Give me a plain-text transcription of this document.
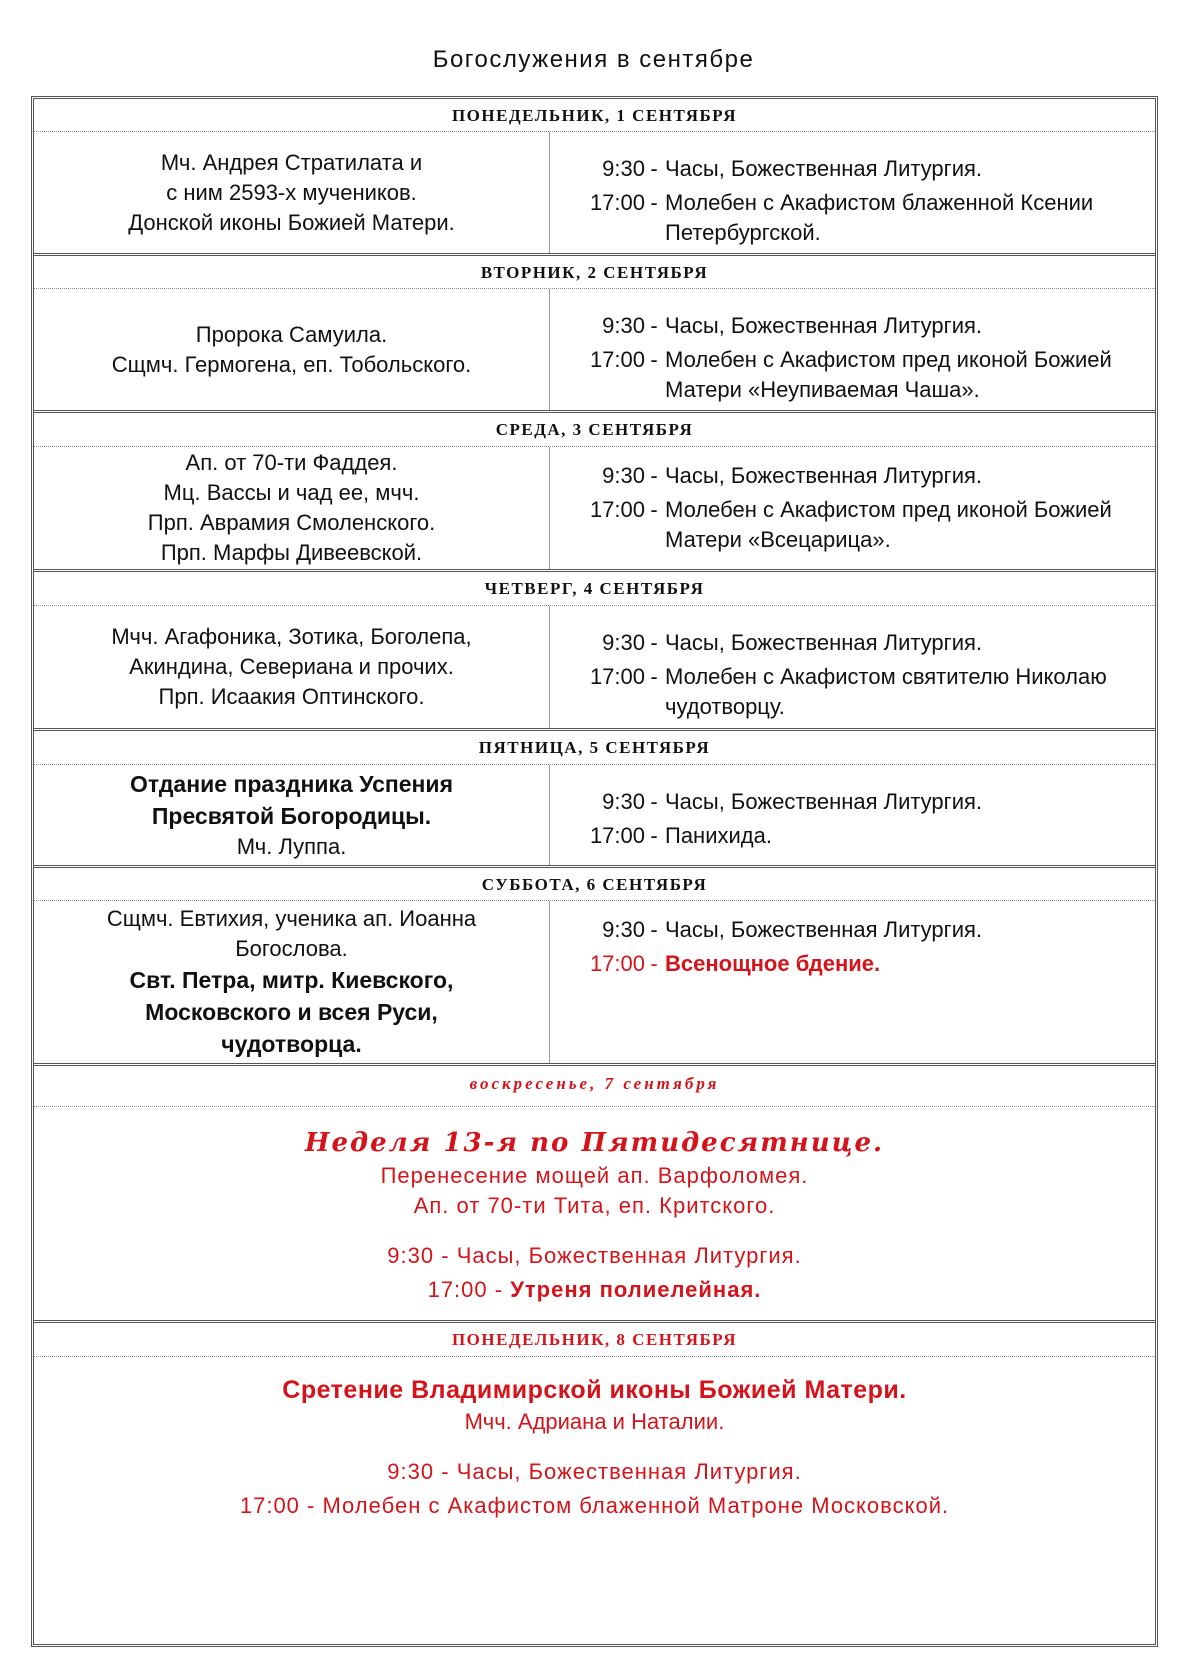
Богослужения в сентябре
ПОНЕДЕЛЬНИК, 1 СЕНТЯБРЯ
Мч. Андрея Стратилата и
с ним 2593-х мучеников.
Донской иконы Божией Матери.
9:30 - Часы, Божественная Литургия.
17:00 - Молебен с Акафистом блаженной Ксении Петербургской.
ВТОРНИК, 2 СЕНТЯБРЯ
Пророка Самуила.
Сщмч. Гермогена, еп. Тобольского.
9:30 - Часы, Божественная Литургия.
17:00 - Молебен с Акафистом пред иконой Божией Матери «Неупиваемая Чаша».
СРЕДА, 3 СЕНТЯБРЯ
Ап. от 70-ти Фаддея.
Мц. Вассы и чад ее, мчч.
Прп. Аврамия Смоленского.
Прп. Марфы Дивеевской.
9:30 - Часы, Божественная Литургия.
17:00 - Молебен с Акафистом пред иконой Божией Матери «Всецарица».
ЧЕТВЕРГ, 4 СЕНТЯБРЯ
Мчч. Агафоника, Зотика, Боголепа,
Акиндина, Севериана и прочих.
Прп. Исаакия Оптинского.
9:30 - Часы, Божественная Литургия.
17:00 - Молебен с Акафистом святителю Николаю чудотворцу.
ПЯТНИЦА, 5 СЕНТЯБРЯ
Отдание праздника Успения
Пресвятой Богородицы.
Мч. Луппа.
9:30 - Часы, Божественная Литургия.
17:00 - Панихида.
СУББОТА, 6 СЕНТЯБРЯ
Сщмч. Евтихия, ученика ап. Иоанна
Богослова.
Свт. Петра, митр. Киевского,
Московского и всея Руси,
чудотворца.
9:30 - Часы, Божественная Литургия.
17:00 - Всенощное бдение.
воскресенье, 7 сентября
Неделя 13-я по Пятидесятнице.
Перенесение мощей ап. Варфоломея.
Ап. от 70-ти Тита, еп. Критского.
9:30 - Часы, Божественная Литургия.
17:00 - Утреня полиелейная.
ПОНЕДЕЛЬНИК, 8 СЕНТЯБРЯ
Сретение Владимирской иконы Божией Матери.
Мчч. Адриана и Наталии.
9:30 - Часы, Божественная Литургия.
17:00 - Молебен с Акафистом блаженной Матроне Московской.
